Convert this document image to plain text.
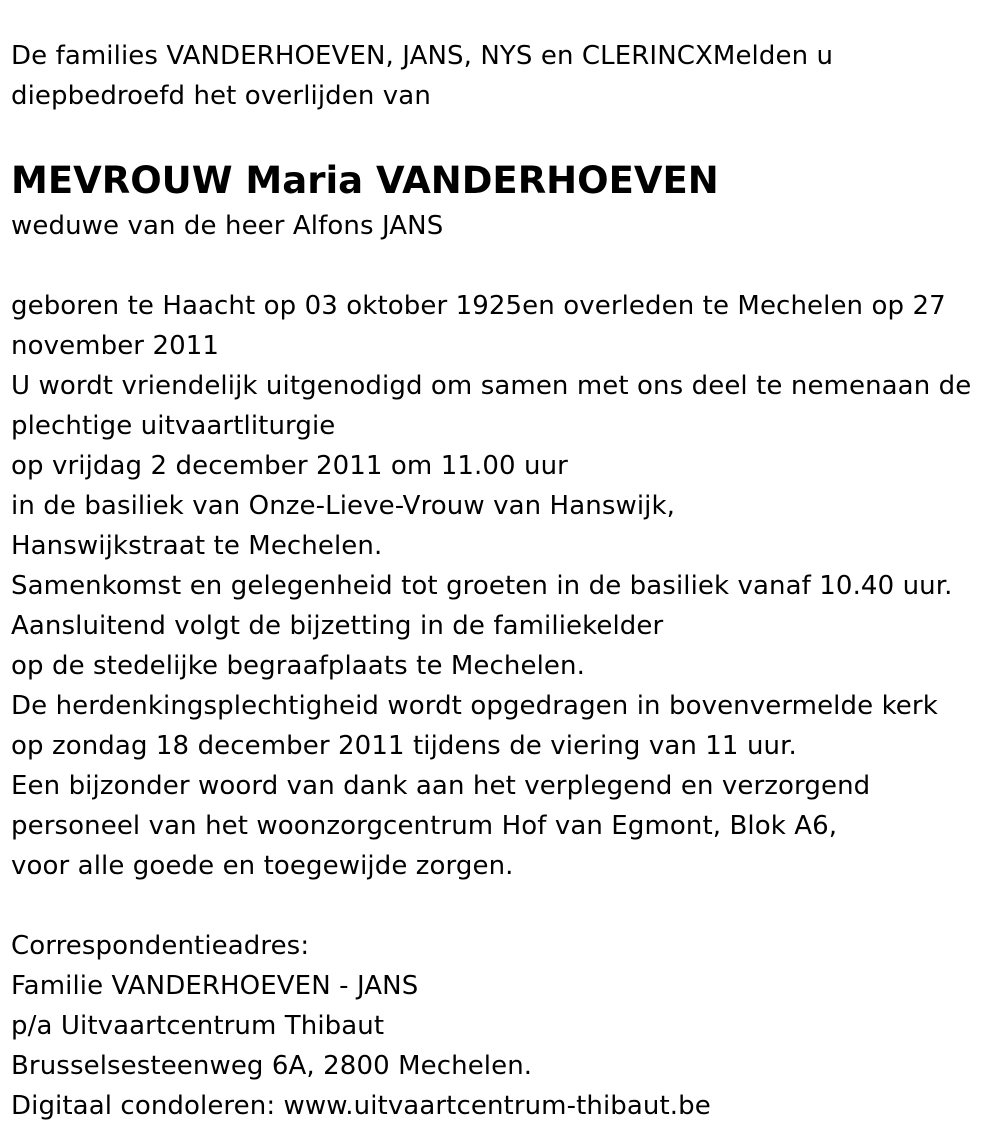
De families VANDERHOEVEN, JANS, NYS en CLERINCXMelden u
diepbedroefd het overlijden van
MEVROUW Maria VANDERHOEVEN
weduwe van de heer Alfons JANS
geboren te Haacht op 03 oktober 1925en overleden te Mechelen op 27
november 2011
U wordt vriendelijk uitgenodigd om samen met ons deel te nemenaan de
plechtige uitvaartliturgie
op vrijdag 2 december 2011 om 11.00 uur
in de basiliek van Onze-Lieve-Vrouw van Hanswijk,
Hanswijkstraat te Mechelen.
Samenkomst en gelegenheid tot groeten in de basiliek vanaf 10.40 uur.
Aansluitend volgt de bijzetting in de familiekelder
op de stedelijke begraafplaats te Mechelen.
De herdenkingsplechtigheid wordt opgedragen in bovenvermelde kerk
op zondag 18 december 2011 tijdens de viering van 11 uur.
Een bijzonder woord van dank aan het verplegend en verzorgend
personeel van het woonzorgcentrum Hof van Egmont, Blok A6,
voor alle goede en toegewijde zorgen.
Correspondentieadres:
Familie VANDERHOEVEN - JANS
p/a Uitvaartcentrum Thibaut
Brusselsesteenweg 6A, 2800 Mechelen.
Digitaal condoleren: www.uitvaartcentrum-thibaut.be
